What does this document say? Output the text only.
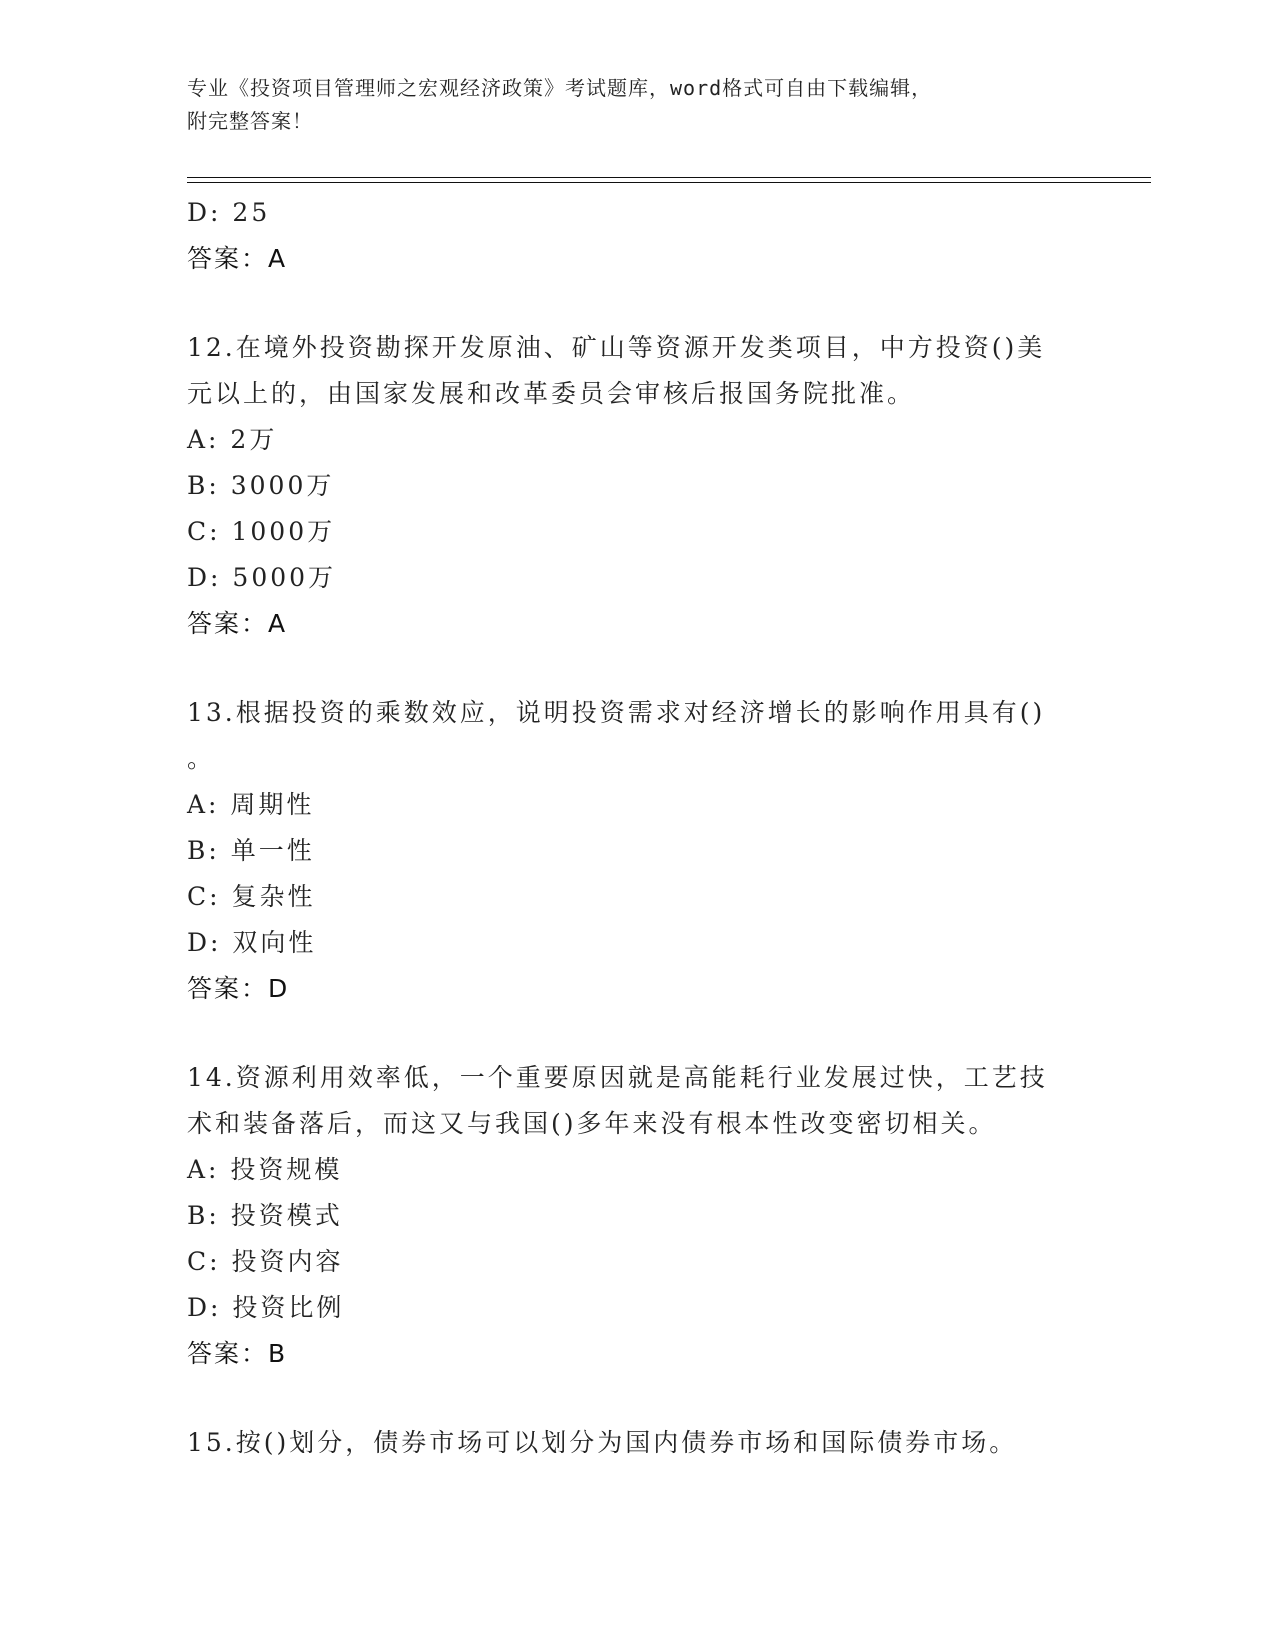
专业《投资项目管理师之宏观经济政策》考试题库，word格式可自由下载编辑，
附完整答案！
D: 25
答案：A
12.在境外投资勘探开发原油、矿山等资源开发类项目，中方投资()美
元以上的，由国家发展和改革委员会审核后报国务院批准。
A: 2万
B: 3000万
C: 1000万
D: 5000万
答案：A
13.根据投资的乘数效应，说明投资需求对经济增长的影响作用具有()
。
A: 周期性
B: 单一性
C: 复杂性
D: 双向性
答案：D
14.资源利用效率低，一个重要原因就是高能耗行业发展过快，工艺技
术和装备落后，而这又与我国()多年来没有根本性改变密切相关。
A: 投资规模
B: 投资模式
C: 投资内容
D: 投资比例
答案：B
15.按()划分，债券市场可以划分为国内债券市场和国际债券市场。
